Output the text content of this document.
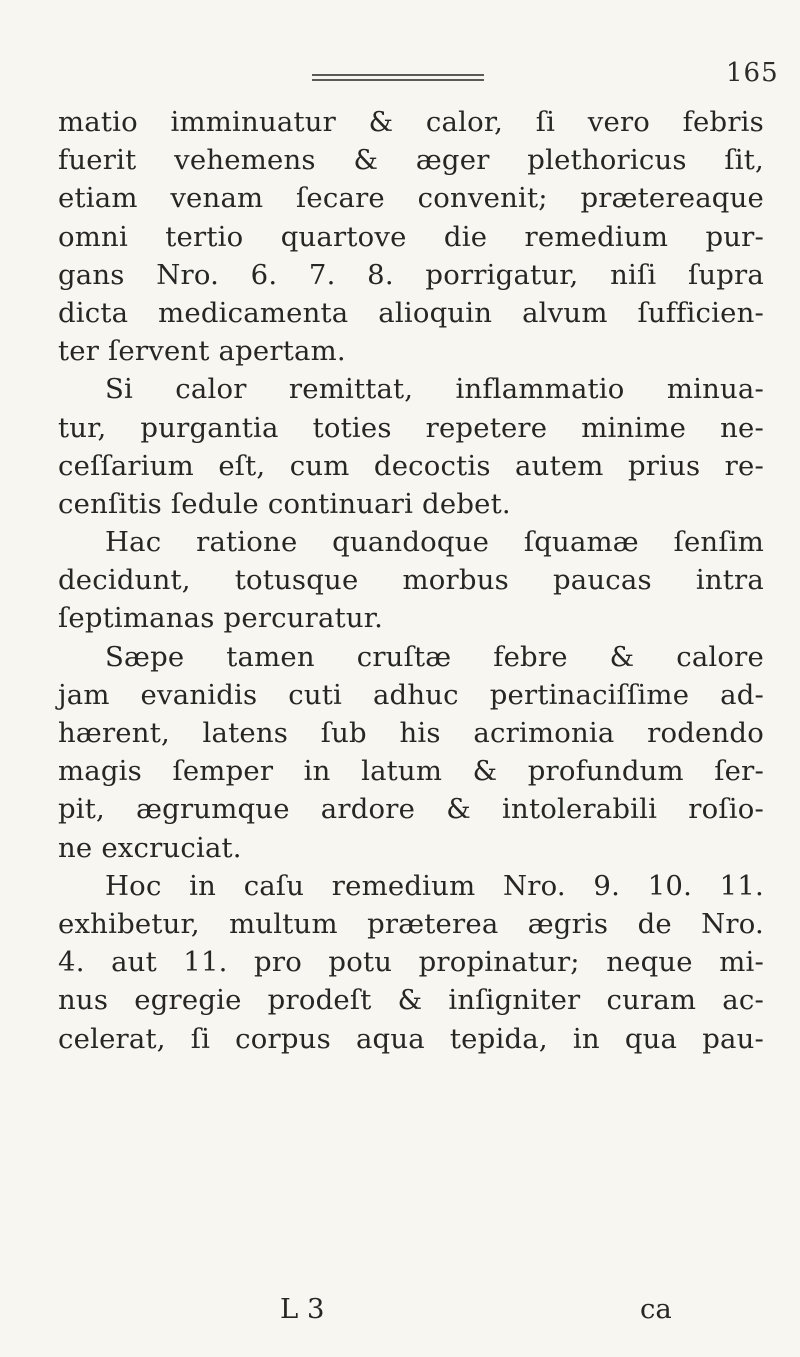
165
matio imminuatur & calor, ſi vero febris
fuerit vehemens & æger plethoricus ſit,
etiam venam ſecare convenit; prætereaque
omni tertio quartove die remedium pur-
gans Nro. 6. 7. 8. porrigatur, niſi ſupra
dicta medicamenta alioquin alvum ſufficien-
ter ſervent apertam.
Si calor remittat, inflammatio minua-
tur, purgantia toties repetere minime ne-
ceſſarium eſt, cum decoctis autem prius re-
cenſitis ſedule continuari debet.
Hac ratione quandoque ſquamæ ſenſim
decidunt, totusque morbus paucas intra
ſeptimanas percuratur.
Sæpe tamen cruſtæ febre & calore
jam evanidis cuti adhuc pertinaciſſime ad-
hærent, latens ſub his acrimonia rodendo
magis ſemper in latum & profundum ſer-
pit, ægrumque ardore & intolerabili roſio-
ne excruciat.
Hoc in caſu remedium Nro. 9. 10. 11.
exhibetur, multum præterea ægris de Nro.
4. aut 11. pro potu propinatur; neque mi-
nus egregie prodeſt & inſigniter curam ac-
celerat, ſi corpus aqua tepida, in qua pau-
L 3	ca
